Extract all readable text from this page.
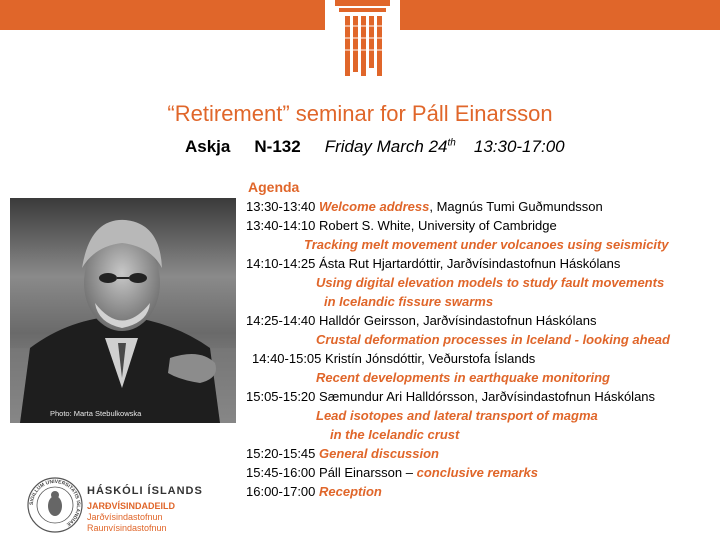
“Retirement” seminar for Páll Einarsson
Askja N-132 Friday March 24th 13:30-17:00
Photo: Marta Stebulkowska
Agenda
13:30-13:40 Welcome address, Magnús Tumi Guðmundsson
13:40-14:10 Robert S. White, University of Cambridge
Tracking melt movement under volcanoes using seismicity
14:10-14:25 Ásta Rut Hjartardóttir, Jarðvísindastofnun Háskólans
Using digital elevation models to study fault movements
in Icelandic fissure swarms
14:25-14:40 Halldór Geirsson, Jarðvísindastofnun Háskólans
Crustal deformation processes in Iceland - looking ahead
14:40-15:05 Kristín Jónsdóttir, Veðurstofa Íslands
Recent developments in earthquake monitoring
15:05-15:20 Sæmundur Ari Halldórsson, Jarðvísindastofnun Háskólans
Lead isotopes and lateral transport of magma
in the Icelandic crust
15:20-15:45 General discussion
15:45-16:00 Páll Einarsson – conclusive remarks
16:00-17:00 Reception
SIGILLUM UNIVERSITATIS ISLANDIAE
HÁSKÓLI ÍSLANDS
JARÐVÍSINDADEILD
Jarðvísindastofnun
Raunvísindastofnun
